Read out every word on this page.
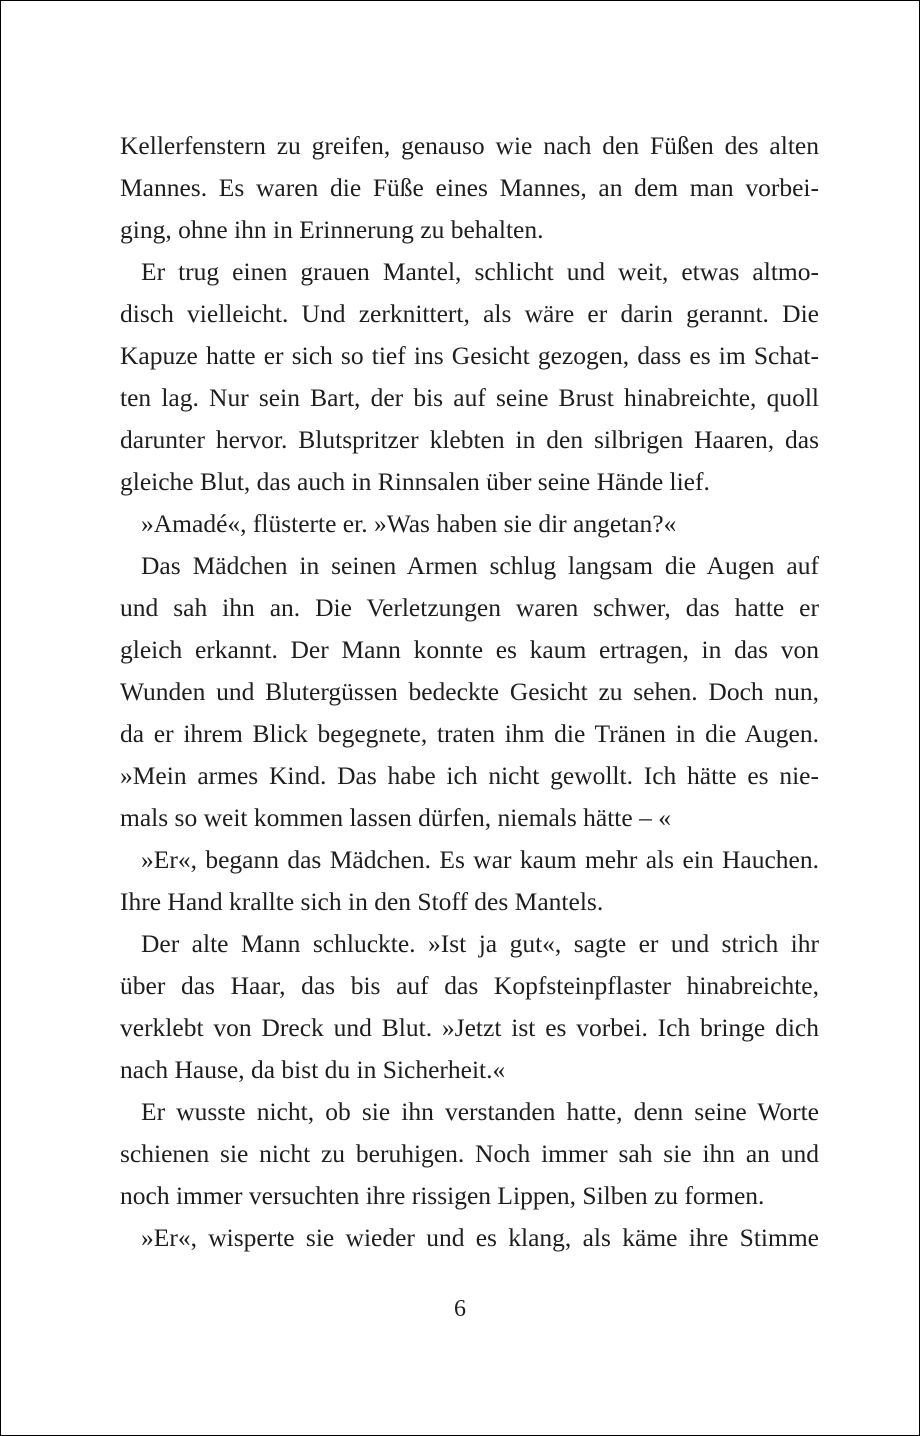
Kellerfenstern zu greifen, genauso wie nach den Füßen des alten
Mannes. Es waren die Füße eines Mannes, an dem man vorbei-
ging, ohne ihn in Erinnerung zu behalten.
Er trug einen grauen Mantel, schlicht und weit, etwas altmo-
disch vielleicht. Und zerknittert, als wäre er darin gerannt. Die
Kapuze hatte er sich so tief ins Gesicht gezogen, dass es im Schat-
ten lag. Nur sein Bart, der bis auf seine Brust hinabreichte, quoll
darunter hervor. Blutspritzer klebten in den silbrigen Haaren, das
gleiche Blut, das auch in Rinnsalen über seine Hände lief.
»Amadé«, flüsterte er. »Was haben sie dir angetan?«
Das Mädchen in seinen Armen schlug langsam die Augen auf
und sah ihn an. Die Verletzungen waren schwer, das hatte er
gleich erkannt. Der Mann konnte es kaum ertragen, in das von
Wunden und Blutergüssen bedeckte Gesicht zu sehen. Doch nun,
da er ihrem Blick begegnete, traten ihm die Tränen in die Augen.
»Mein armes Kind. Das habe ich nicht gewollt. Ich hätte es nie-
mals so weit kommen lassen dürfen, niemals hätte – «
»Er«, begann das Mädchen. Es war kaum mehr als ein Hauchen.
Ihre Hand krallte sich in den Stoff des Mantels.
Der alte Mann schluckte. »Ist ja gut«, sagte er und strich ihr
über das Haar, das bis auf das Kopfsteinpflaster hinabreichte,
verklebt von Dreck und Blut. »Jetzt ist es vorbei. Ich bringe dich
nach Hause, da bist du in Sicherheit.«
Er wusste nicht, ob sie ihn verstanden hatte, denn seine Worte
schienen sie nicht zu beruhigen. Noch immer sah sie ihn an und
noch immer versuchten ihre rissigen Lippen, Silben zu formen.
»Er«, wisperte sie wieder und es klang, als käme ihre Stimme
6
